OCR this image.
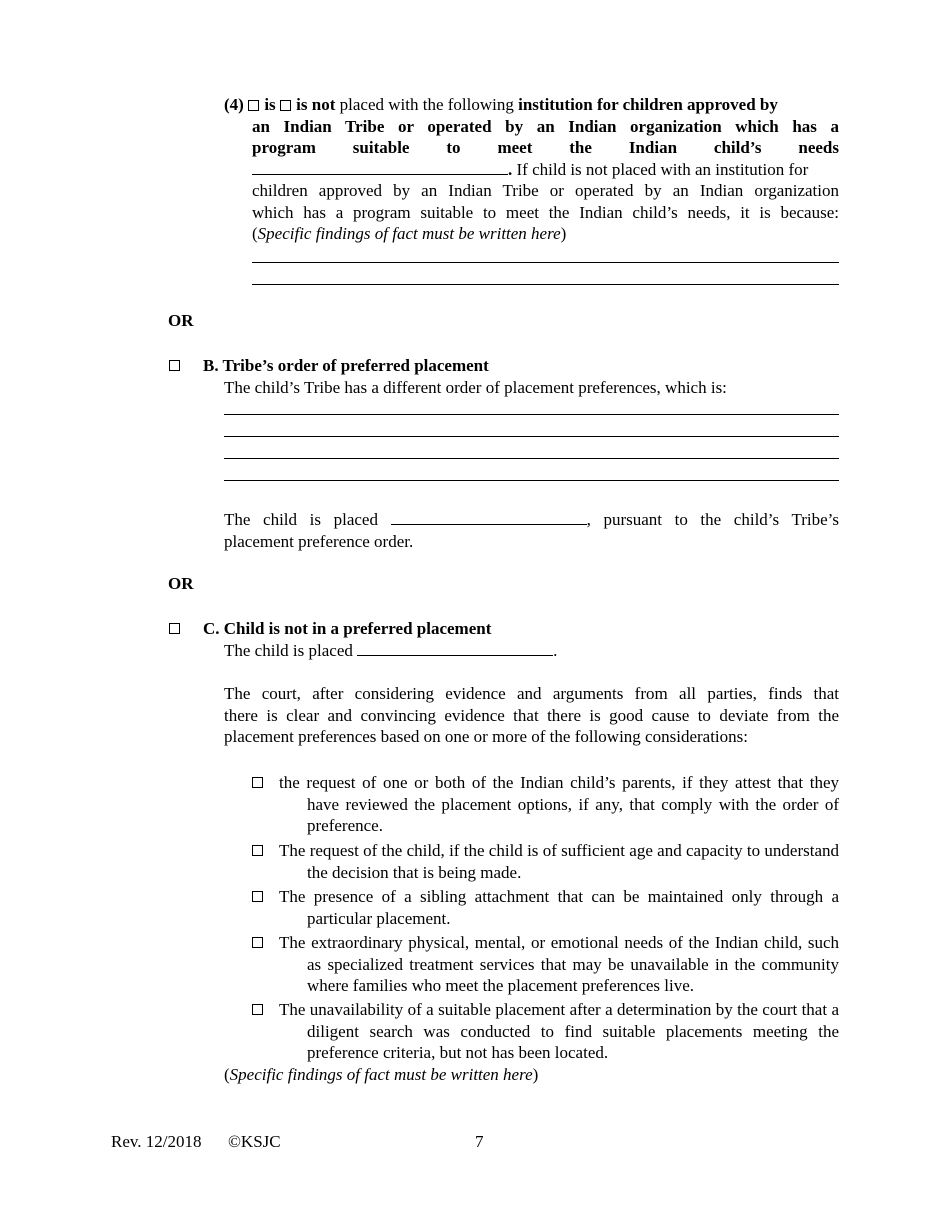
(4) is is not placed with the following institution for children approved by
an Indian Tribe or operated by an Indian organization which has a
program suitable to meet the Indian child’s needs
. If child is not placed with an institution for
children approved by an Indian Tribe or operated by an Indian organization
which has a program suitable to meet the Indian child’s needs, it is because:
(Specific findings of fact must be written here)
OR
B. Tribe’s order of preferred placement
The child’s Tribe has a different order of placement preferences, which is:
The child is placed	, pursuant to the child’s Tribe’s
placement preference order.
OR
C. Child is not in a preferred placement
The child is placed	.
The court, after considering evidence and arguments from all parties, finds that
there is clear and convincing evidence that there is good cause to deviate from the
placement preferences based on one or more of the following considerations:
the request of one or both of the Indian child’s parents, if they attest that they have reviewed the placement options, if any, that comply with the order of preference.
The request of the child, if the child is of sufficient age and capacity to understand the decision that is being made.
The presence of a sibling attachment that can be maintained only through a particular placement.
The extraordinary physical, mental, or emotional needs of the Indian child, such as specialized treatment services that may be unavailable in the community where families who meet the placement preferences live.
The unavailability of a suitable placement after a determination by the court that a diligent search was conducted to find suitable placements meeting the preference criteria, but not has been located.
(Specific findings of fact must be written here)
Rev. 12/2018 ©KSJC	7
